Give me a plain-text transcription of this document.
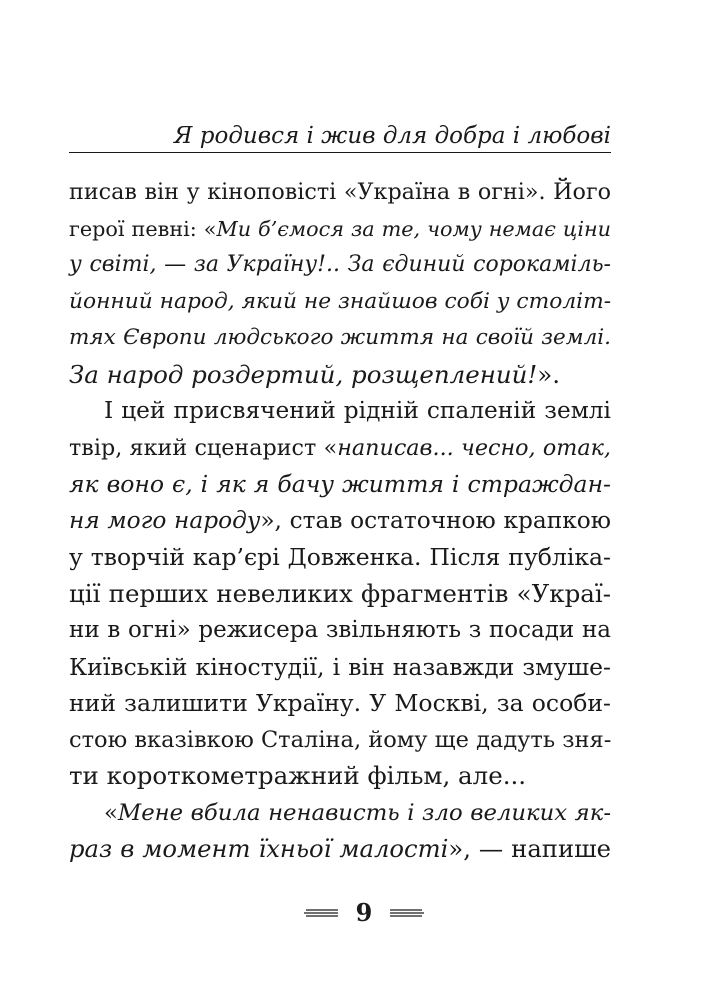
Я родився і жив для добра і любові
писав він у кіноповісті «Україна в огні». Його
герої певні: «Ми б’ємося за те, чому немає ціни
у світі, — за Україну!.. За єдиний сорокаміль-
йонний народ, який не знайшов собі у століт-
тях Європи людського життя на своїй землі.
За народ роздертий, розщеплений!».
І цей присвячений рідній спаленій землі
твір, який сценарист «написав... чесно, отак,
як воно є, і як я бачу життя і страждан-
ня мого народу», став остаточною крапкою
у творчій кар’єрі Довженка. Після публіка-
ції перших невеликих фрагментів «Украї-
ни в огні» режисера звільняють з посади на
Київській кіностудії, і він назавжди змуше-
ний залишити Україну. У Москві, за особи-
стою вказівкою Сталіна, йому ще дадуть зня-
ти короткометражний фільм, але...
«Мене вбила ненависть і зло великих як-
раз в момент їхньої малості», — напише
9
